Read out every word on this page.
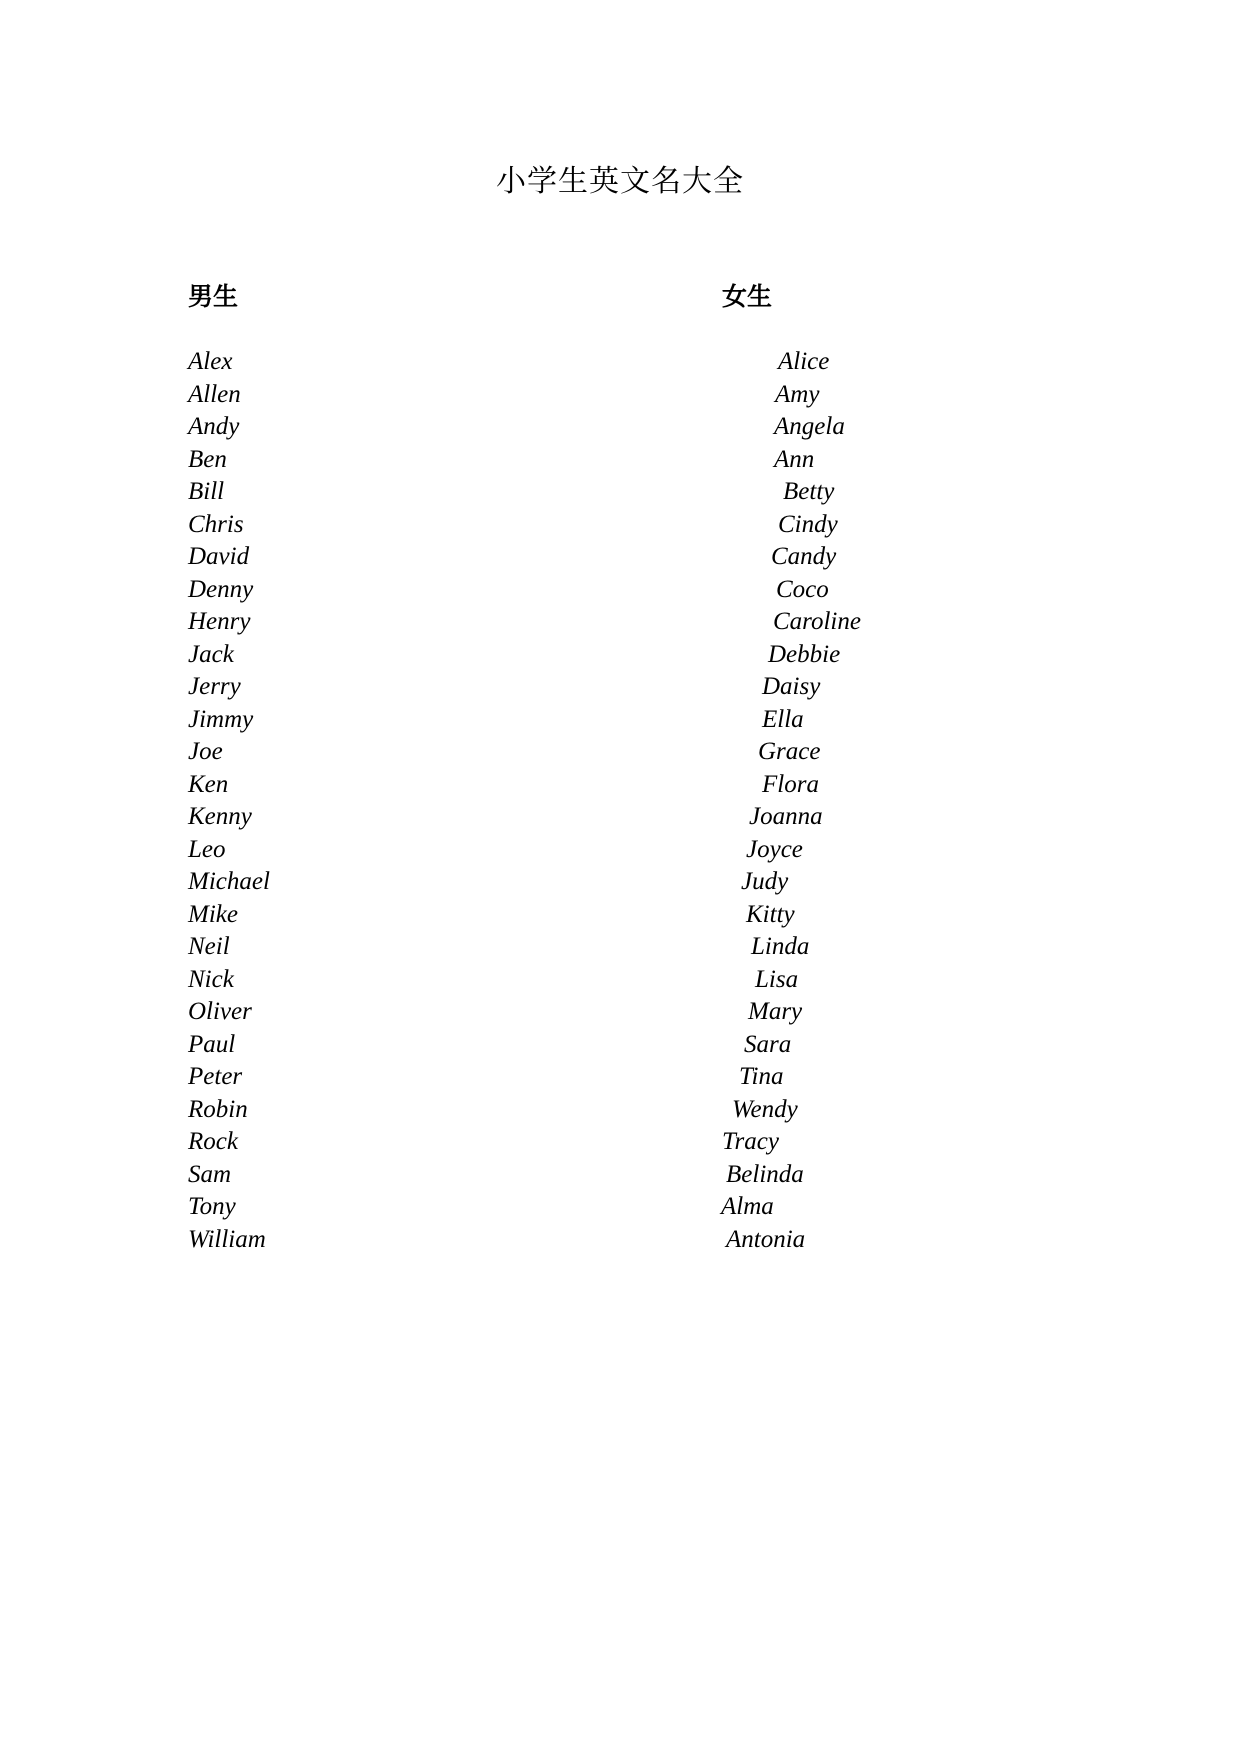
小学生英文名大全
男生	女生
Alex
Allen
Andy
Ben
Bill
Chris
David
Denny
Henry
Jack
Jerry
Jimmy
Joe
Ken
Kenny
Leo
Michael
Mike
Neil
Nick
Oliver
Paul
Peter
Robin
Rock
Sam
Tony
William
Alice
Amy
Angela
Ann
Betty
Cindy
Candy
Coco
Caroline
Debbie
Daisy
Ella
Grace
Flora
Joanna
Joyce
Judy
Kitty
Linda
Lisa
Mary
Sara
Tina
Wendy
Tracy
Belinda
Alma
Antonia
